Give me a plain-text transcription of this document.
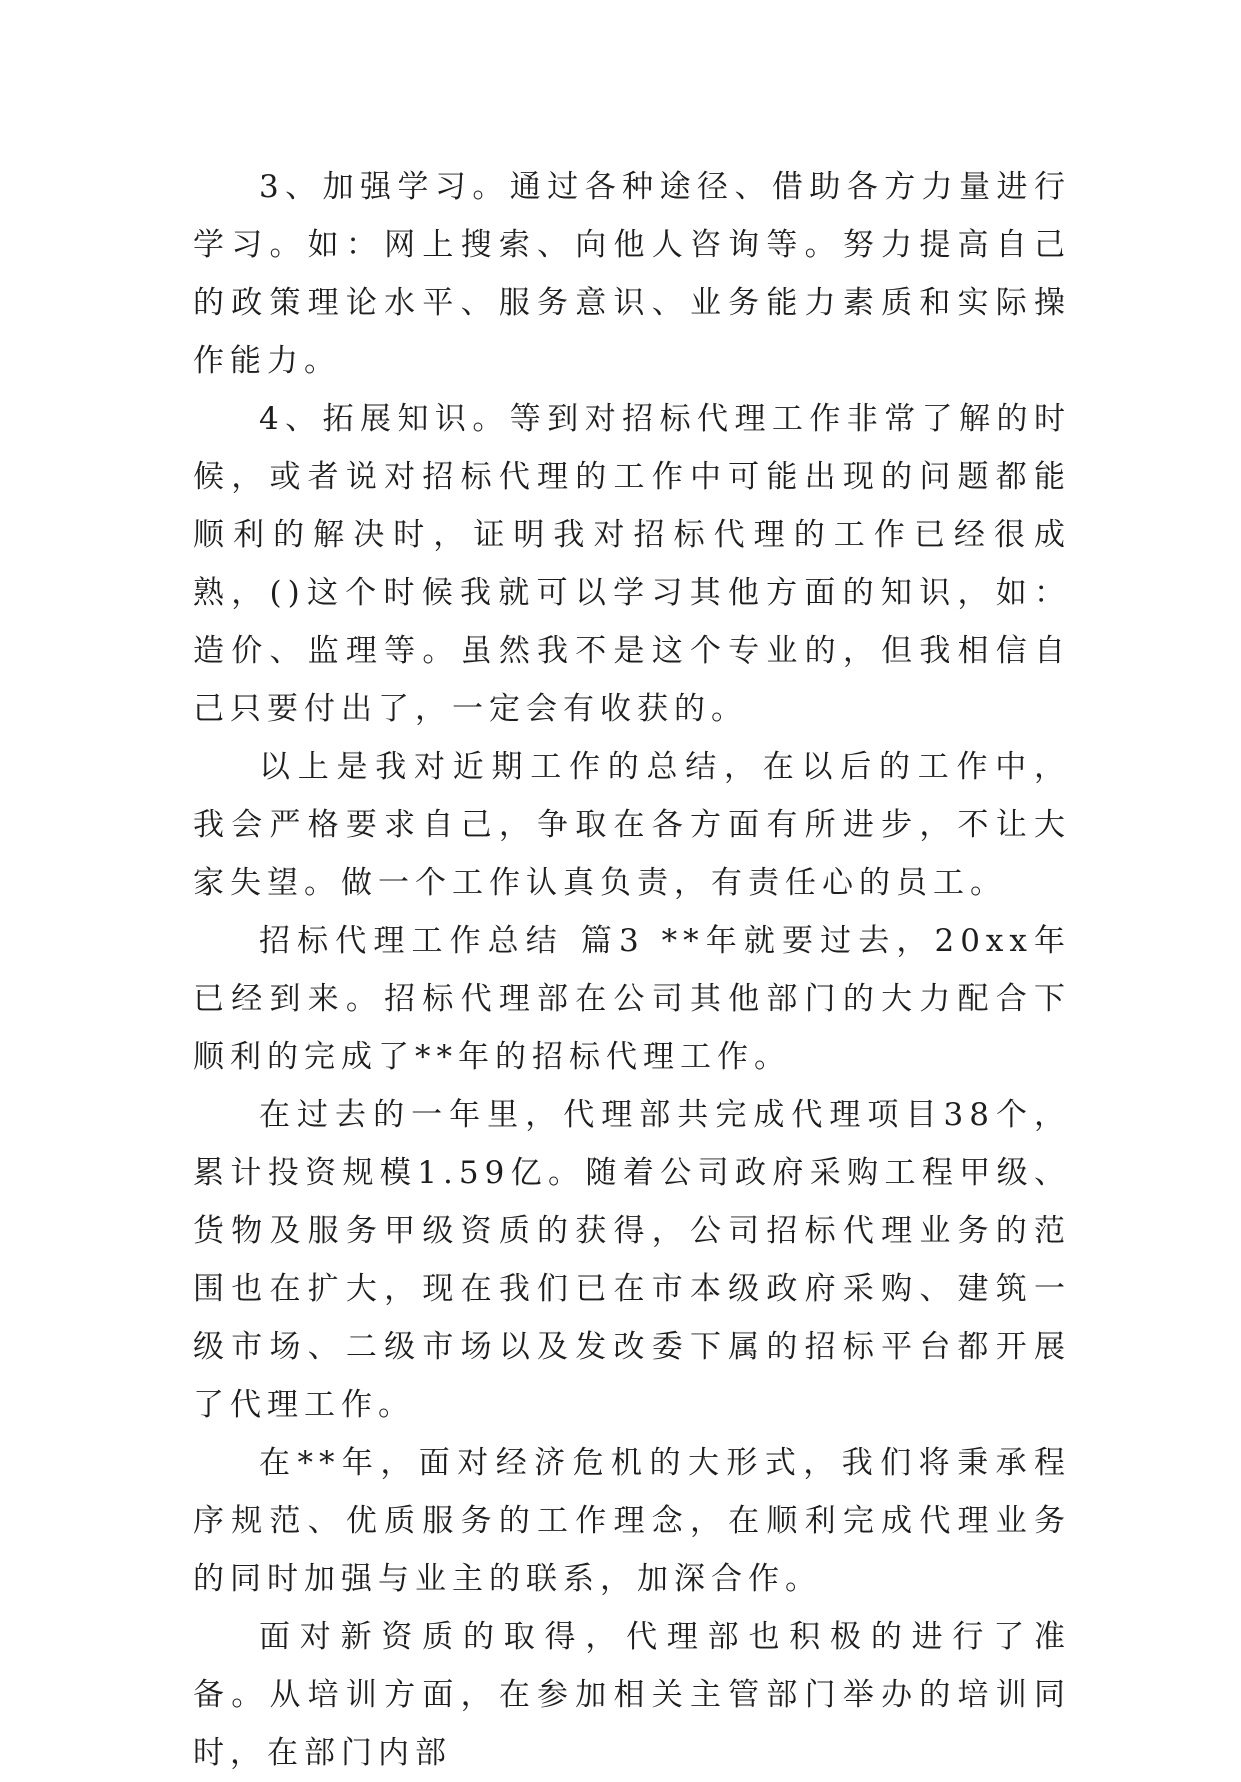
3、加强学习。通过各种途径、借助各方力量进行学习。如：网上搜索、向他人咨询等。努力提高自己的政策理论水平、服务意识、业务能力素质和实际操作能力。

4、拓展知识。等到对招标代理工作非常了解的时候，或者说对招标代理的工作中可能出现的问题都能顺利的解决时，证明我对招标代理的工作已经很成熟，()这个时候我就可以学习其他方面的知识，如：造价、监理等。虽然我不是这个专业的，但我相信自己只要付出了，一定会有收获的。

以上是我对近期工作的总结，在以后的工作中，我会严格要求自己，争取在各方面有所进步，不让大家失望。做一个工作认真负责，有责任心的员工。

招标代理工作总结 篇3 **年就要过去，20xx年已经到来。招标代理部在公司其他部门的大力配合下顺利的完成了**年的招标代理工作。

在过去的一年里，代理部共完成代理项目38个，累计投资规模1.59亿。随着公司政府采购工程甲级、货物及服务甲级资质的获得，公司招标代理业务的范围也在扩大，现在我们已在市本级政府采购、建筑一级市场、二级市场以及发改委下属的招标平台都开展了代理工作。

在**年，面对经济危机的大形式，我们将秉承程序规范、优质服务的工作理念，在顺利完成代理业务的同时加强与业主的联系，加深合作。

面对新资质的取得，代理部也积极的进行了准备。从培训方面，在参加相关主管部门举办的培训同时，在部门内部
